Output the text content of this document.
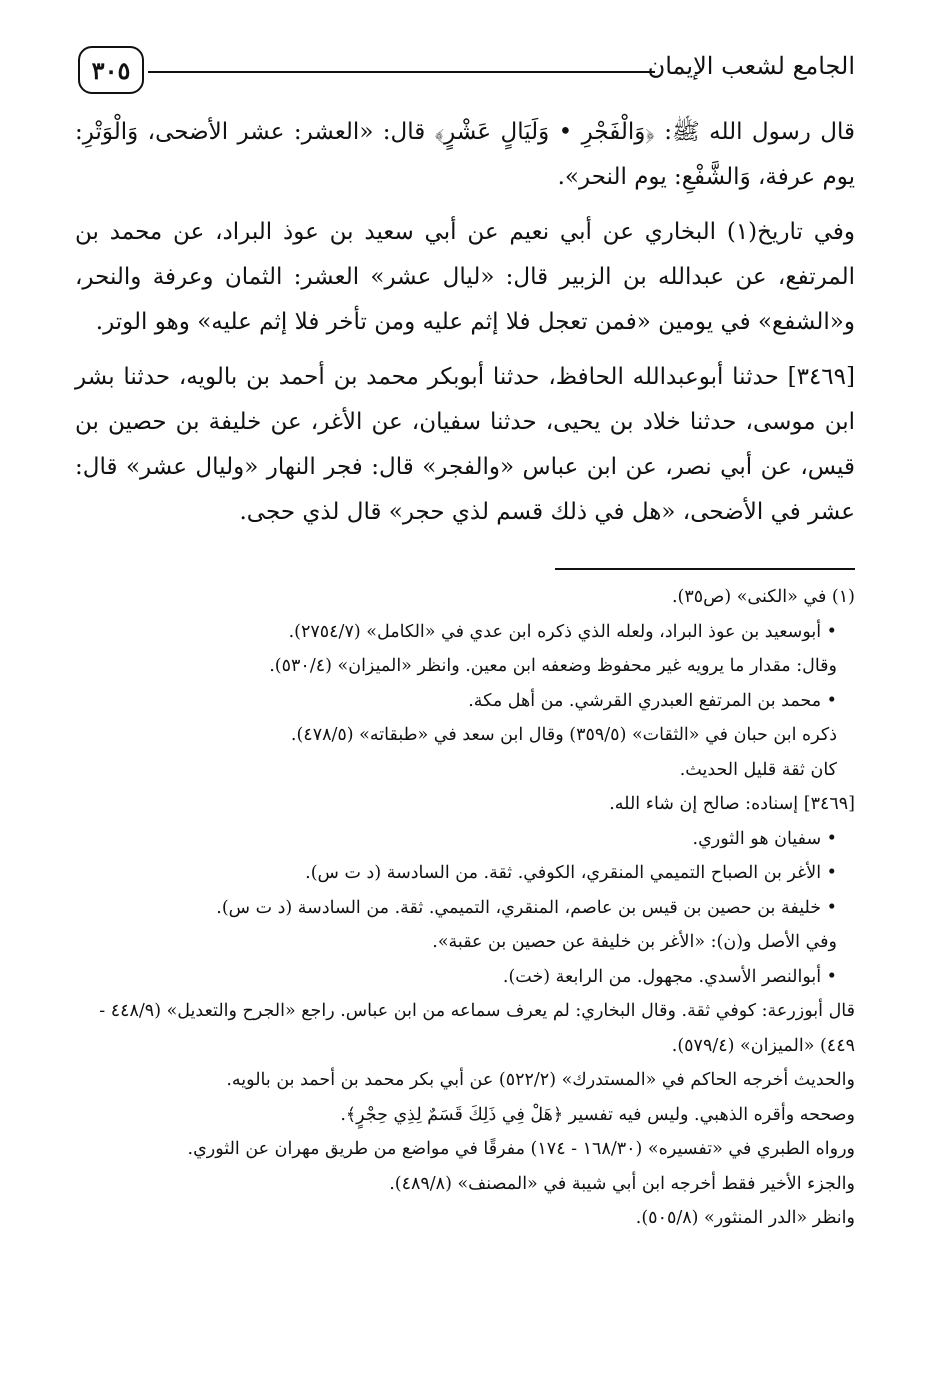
الجامع لشعب الإيمان
٣٠٥

قال رسول الله ﷺ: ﴿وَالْفَجْرِ • وَلَيَالٍ عَشْرٍ﴾ قال: «العشر: عشر الأضحى، وَالْوَتْرِ: يوم عرفة، وَالشَّفْعِ: يوم النحر».

وفي تاريخ(١) البخاري عن أبي نعيم عن أبي سعيد بن عوذ البراد، عن محمد بن المرتفع، عن عبدالله بن الزبير قال: «ليال عشر» العشر: الثمان وعرفة والنحر، و«الشفع» في يومين «فمن تعجل فلا إثم عليه ومن تأخر فلا إثم عليه» وهو الوتر.

[٣٤٦٩] حدثنا أبوعبدالله الحافظ، حدثنا أبوبكر محمد بن أحمد بن بالويه، حدثنا بشر ابن موسى، حدثنا خلاد بن يحيى، حدثنا سفيان، عن الأغر، عن خليفة بن حصين بن قيس، عن أبي نصر، عن ابن عباس «والفجر» قال: فجر النهار «وليال عشر» قال: عشر في الأضحى، «هل في ذلك قسم لذي حجر» قال لذي حجى.

(١) في «الكنى» (ص٣٥).
• أبوسعيد بن عوذ البراد، ولعله الذي ذكره ابن عدي في «الكامل» (٢٧٥٤/٧).
وقال: مقدار ما يرويه غير محفوظ وضعفه ابن معين. وانظر «الميزان» (٥٣٠/٤).
• محمد بن المرتفع العبدري القرشي. من أهل مكة.
ذكره ابن حبان في «الثقات» (٣٥٩/٥) وقال ابن سعد في «طبقاته» (٤٧٨/٥).
كان ثقة قليل الحديث.
[٣٤٦٩] إسناده: صالح إن شاء الله.
• سفيان هو الثوري.
• الأغر بن الصباح التميمي المنقري، الكوفي. ثقة. من السادسة (د ت س).
• خليفة بن حصين بن قيس بن عاصم، المنقري، التميمي. ثقة. من السادسة (د ت س).
وفي الأصل و(ن): «الأغر بن خليفة عن حصين بن عقبة».
• أبوالنصر الأسدي. مجهول. من الرابعة (خت).
قال أبوزرعة: كوفي ثقة. وقال البخاري: لم يعرف سماعه من ابن عباس. راجع «الجرح والتعديل» (٤٤٨/٩ - ٤٤٩) «الميزان» (٥٧٩/٤).
والحديث أخرجه الحاكم في «المستدرك» (٥٢٢/٢) عن أبي بكر محمد بن أحمد بن بالويه.
وصححه وأقره الذهبي. وليس فيه تفسير ﴿هَلْ فِي ذَلِكَ قَسَمٌ لِذِي حِجْرٍ﴾.
ورواه الطبري في «تفسيره» (١٦٨/٣٠ - ١٧٤) مفرقًا في مواضع من طريق مهران عن الثوري.
والجزء الأخير فقط أخرجه ابن أبي شيبة في «المصنف» (٤٨٩/٨).
وانظر «الدر المنثور» (٥٠٥/٨).
